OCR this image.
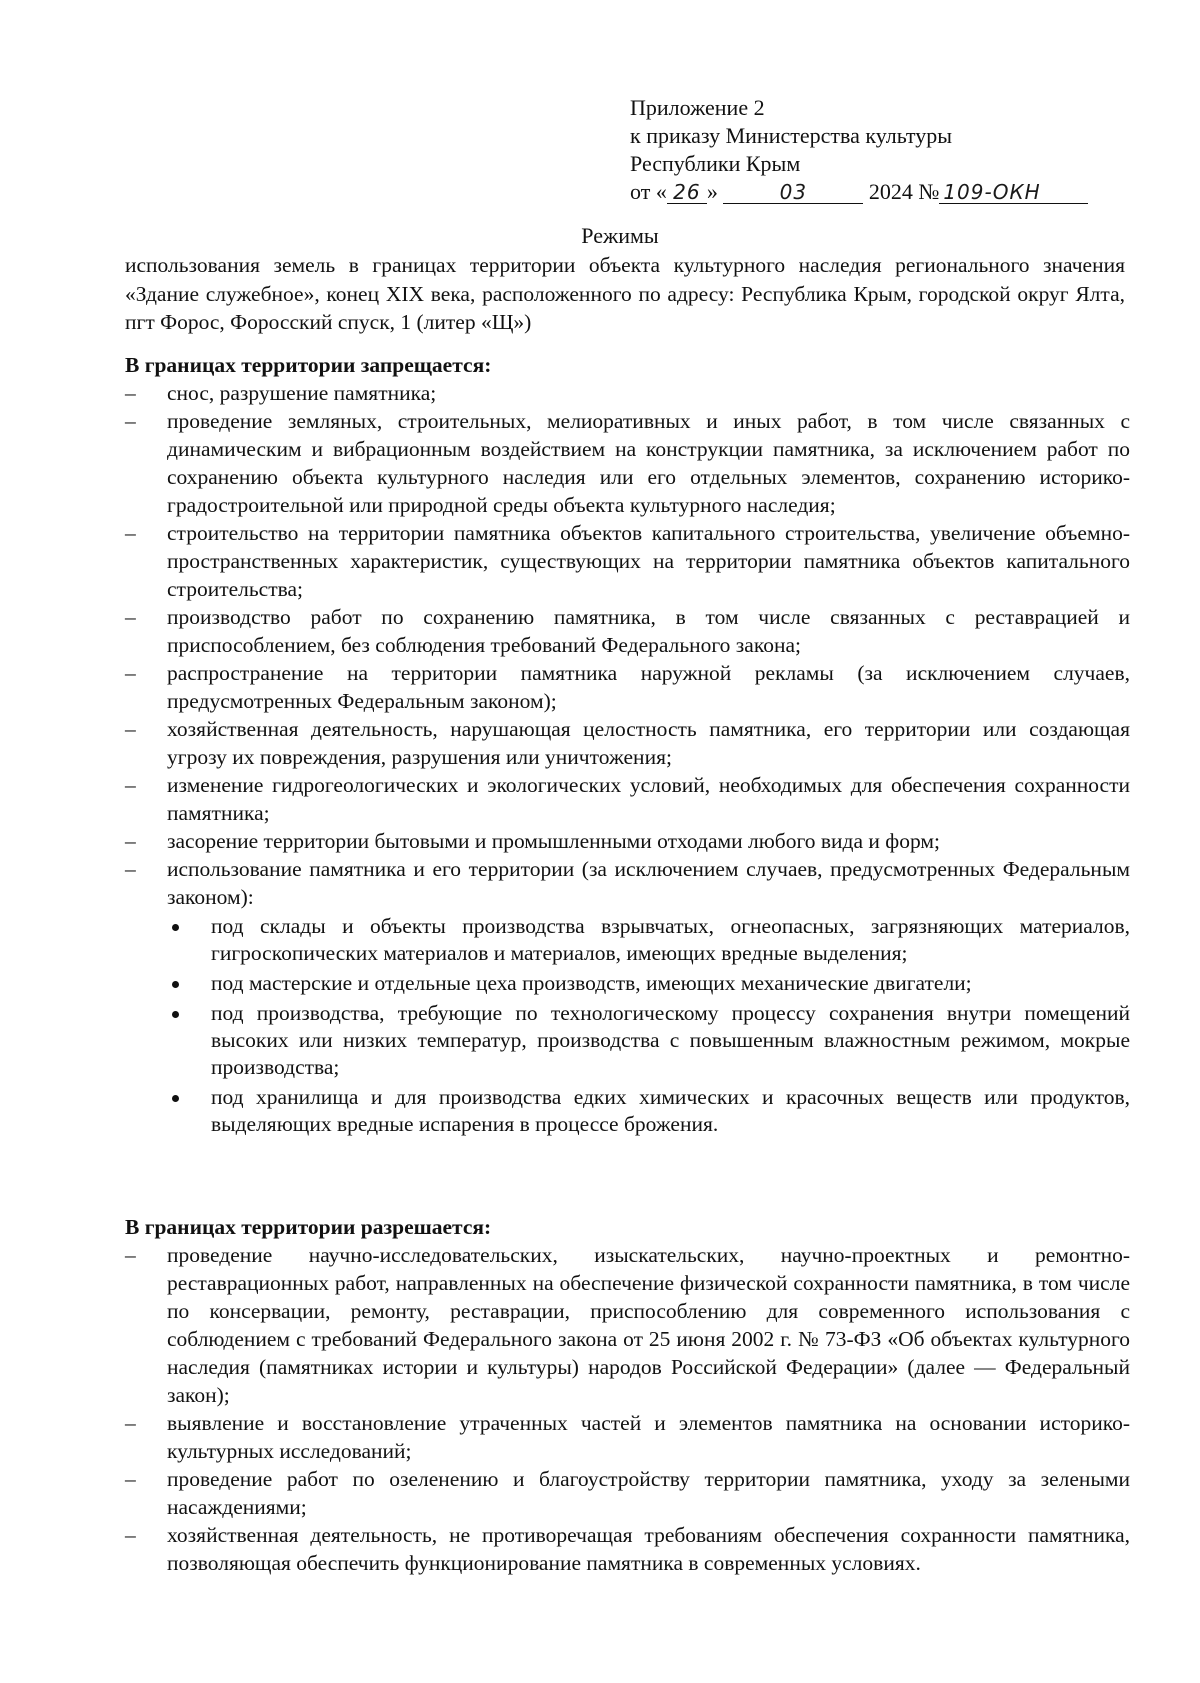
Приложение 2
к приказу Министерства культуры
Республики Крым
от « 26 »	03	2024 № 109-ОКН
Режимы
использования земель в границах территории объекта культурного наследия регионального значения «Здание служебное», конец XIX века, расположенного по адресу: Республика Крым, городской округ Ялта, пгт Форос, Форосский спуск, 1 (литер «Щ»)
В границах территории запрещается:
–	снос, разрушение памятника;
–	проведение земляных, строительных, мелиоративных и иных работ, в том числе связанных с динамическим и вибрационным воздействием на конструкции памятника, за исключением работ по сохранению объекта культурного наследия или его отдельных элементов, сохранению историко-градостроительной или природной среды объекта культурного наследия;
–	строительство на территории памятника объектов капитального строительства, увеличение объемно-пространственных характеристик, существующих на территории памятника объектов капитального строительства;
–	производство работ по сохранению памятника, в том числе связанных с реставрацией и приспособлением, без соблюдения требований Федерального закона;
–	распространение на территории памятника наружной рекламы (за исключением случаев, предусмотренных Федеральным законом);
–	хозяйственная деятельность, нарушающая целостность памятника, его территории или создающая угрозу их повреждения, разрушения или уничтожения;
–	изменение гидрогеологических и экологических условий, необходимых для обеспечения сохранности памятника;
–	засорение территории бытовыми и промышленными отходами любого вида и форм;
–	использование памятника и его территории (за исключением случаев, предусмотренных Федеральным законом):
под склады и объекты производства взрывчатых, огнеопасных, загрязняющих материалов, гигроскопических материалов и материалов, имеющих вредные выделения;
под мастерские и отдельные цеха производств, имеющих механические двигатели;
под производства, требующие по технологическому процессу сохранения внутри помещений высоких или низких температур, производства с повышенным влажностным режимом, мокрые производства;
под хранилища и для производства едких химических и красочных веществ или продуктов, выделяющих вредные испарения в процессе брожения.
В границах территории разрешается:
–	проведение научно-исследовательских, изыскательских, научно-проектных и ремонтно-реставрационных работ, направленных на обеспечение физической сохранности памятника, в том числе по консервации, ремонту, реставрации, приспособлению для современного использования с соблюдением с требований Федерального закона от 25 июня 2002 г. № 73-ФЗ «Об объектах культурного наследия (памятниках истории и культуры) народов Российской Федерации» (далее — Федеральный закон);
–	выявление и восстановление утраченных частей и элементов памятника на основании историко-культурных исследований;
–	проведение работ по озеленению и благоустройству территории памятника, уходу за зелеными насаждениями;
–	хозяйственная деятельность, не противоречащая требованиям обеспечения сохранности памятника, позволяющая обеспечить функционирование памятника в современных условиях.
